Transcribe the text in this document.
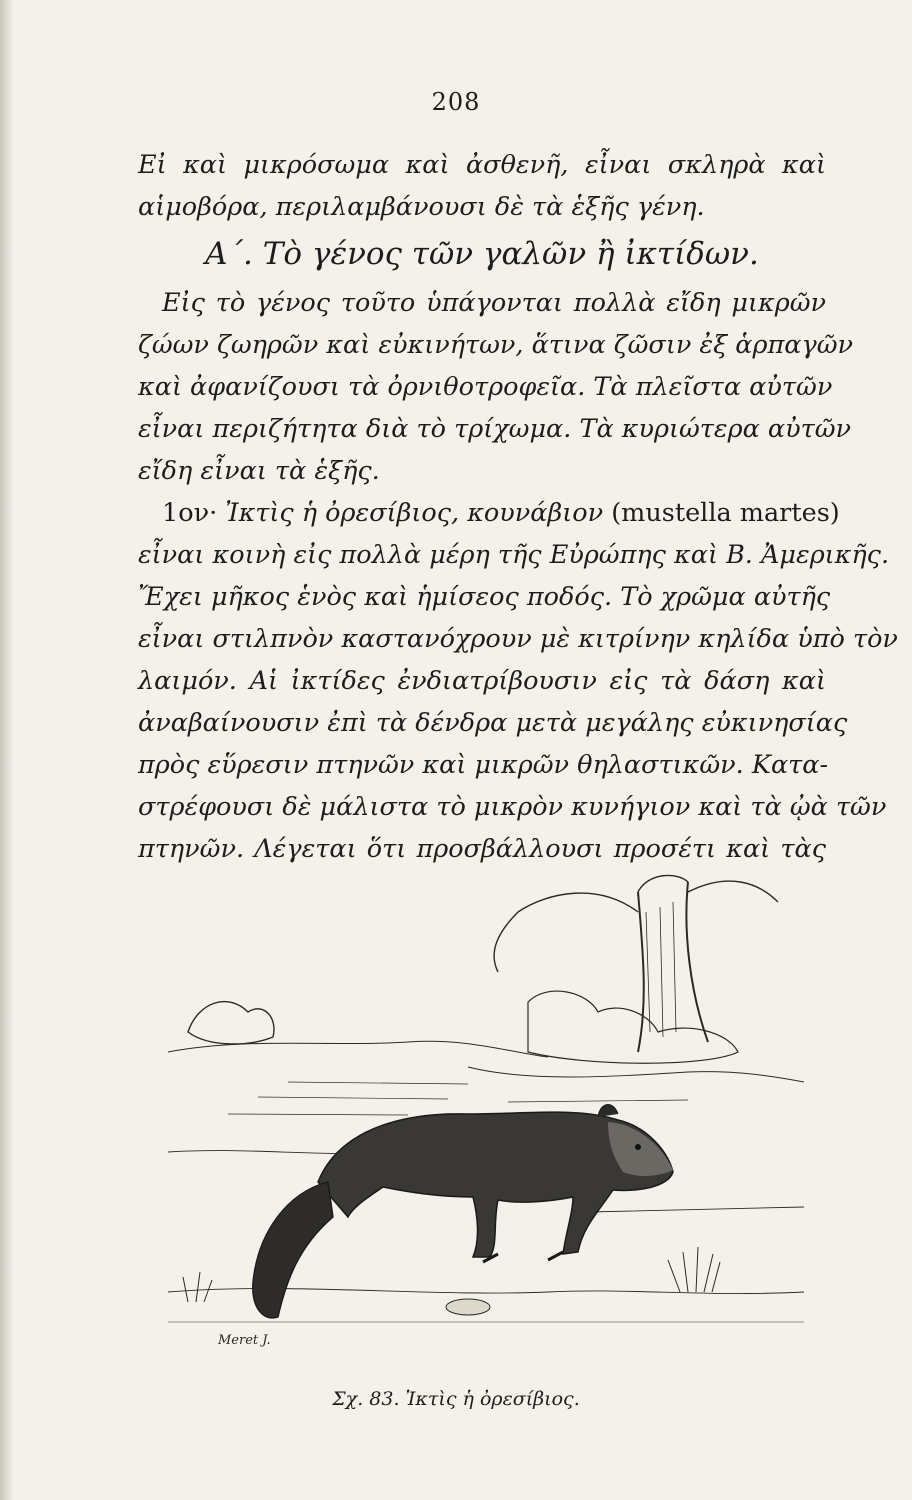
208
Εἰ καὶ μικρόσωμα καὶ ἀσθενῆ, εἶναι σκληρὰ καὶ
αἱμοβόρα, περιλαμβάνουσι δὲ τὰ ἑξῆς γένη.
Α΄. Τὸ γένος τῶν γαλῶν ἢ ἰκτίδων.
Εἰς τὸ γένος τοῦτο ὑπάγονται πολλὰ εἴδη μικρῶν
ζώων ζωηρῶν καὶ εὐκινήτων, ἅτινα ζῶσιν ἐξ ἁρπαγῶν
καὶ ἀφανίζουσι τὰ ὀρνιθοτροφεῖα. Τὰ πλεῖστα αὐτῶν
εἶναι περιζήτητα διὰ τὸ τρίχωμα. Τὰ κυριώτερα αὐτῶν
εἴδη εἶναι τὰ ἑξῆς.
1ον· Ἰκτὶς ἡ ὀρεσίβιος, κουνάβιον (mustella martes)
εἶναι κοινὴ εἰς πολλὰ μέρη τῆς Εὐρώπης καὶ Β. Ἀμερικῆς.
Ἔχει μῆκος ἑνὸς καὶ ἡμίσεος ποδός. Τὸ χρῶμα αὐτῆς
εἶναι στιλπνὸν καστανόχρουν μὲ κιτρίνην κηλίδα ὑπὸ τὸν
λαιμόν. Αἱ ἰκτίδες ἐνδιατρίβουσιν εἰς τὰ δάση καὶ
ἀναβαίνουσιν ἐπὶ τὰ δένδρα μετὰ μεγάλης εὐκινησίας
πρὸς εὕρεσιν πτηνῶν καὶ μικρῶν θηλαστικῶν. Κατα-
στρέφουσι δὲ μάλιστα τὸ μικρὸν κυνήγιον καὶ τὰ ᾠὰ τῶν
πτηνῶν. Λέγεται ὅτι προσβάλλουσι προσέτι καὶ τὰς
Meret J.
Σχ. 83. Ἰκτὶς ἡ ὀρεσίβιος.
